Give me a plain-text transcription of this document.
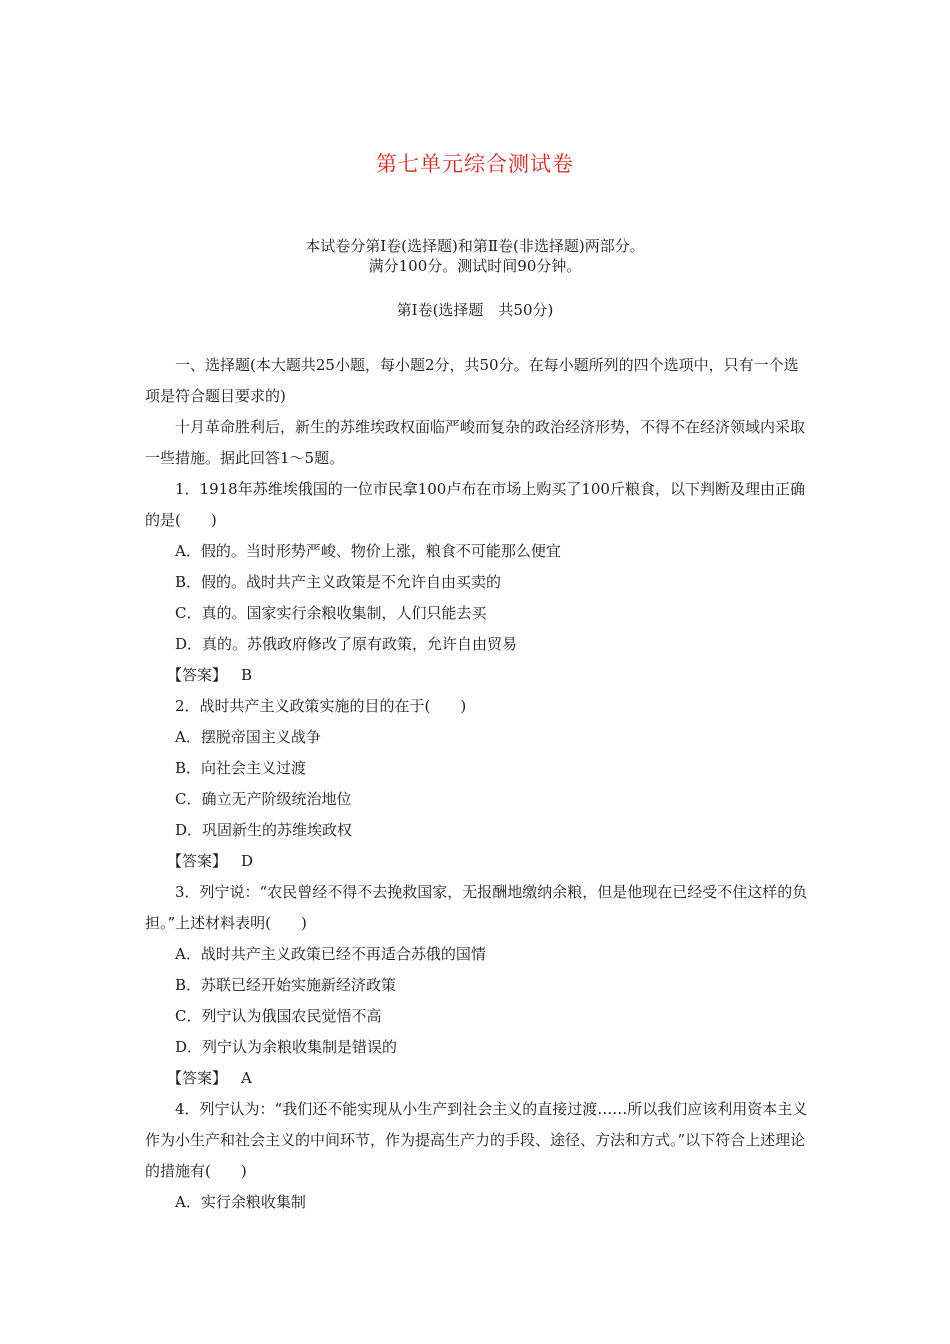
第七单元综合测试卷
本试卷分第Ⅰ卷(选择题)和第Ⅱ卷(非选择题)两部分。
满分100分。测试时间90分钟。
第Ⅰ卷(选择题　共50分)

一、选择题(本大题共25小题，每小题2分，共50分。在每小题所列的四个选项中，只有一个选项是符合题目要求的)

十月革命胜利后，新生的苏维埃政权面临严峻而复杂的政治经济形势，不得不在经济领域内采取一些措施。据此回答1～5题。

1．1918年苏维埃俄国的一位市民拿100卢布在市场上购买了100斤粮食，以下判断及理由正确的是(　　)

A．假的。当时形势严峻、物价上涨，粮食不可能那么便宜

B．假的。战时共产主义政策是不允许自由买卖的

C．真的。国家实行余粮收集制，人们只能去买

D．真的。苏俄政府修改了原有政策，允许自由贸易

【答案】 B

2．战时共产主义政策实施的目的在于(　　)

A．摆脱帝国主义战争

B．向社会主义过渡

C．确立无产阶级统治地位

D．巩固新生的苏维埃政权

【答案】 D

3．列宁说：“农民曾经不得不去挽救国家，无报酬地缴纳余粮，但是他现在已经受不住这样的负担。”上述材料表明(　　)

A．战时共产主义政策已经不再适合苏俄的国情

B．苏联已经开始实施新经济政策

C．列宁认为俄国农民觉悟不高

D．列宁认为余粮收集制是错误的

【答案】 A

4．列宁认为：“我们还不能实现从小生产到社会主义的直接过渡……所以我们应该利用资本主义作为小生产和社会主义的中间环节，作为提高生产力的手段、途径、方法和方式。”以下符合上述理论的措施有(　　)

A．实行余粮收集制
